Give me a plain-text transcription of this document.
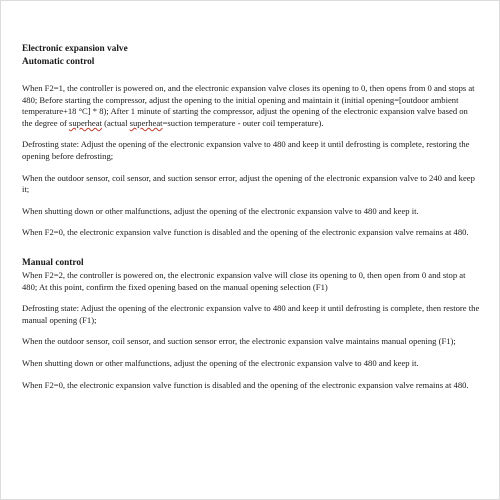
Electronic expansion valve
Automatic control

When F2=1, the controller is powered on, and the electronic expansion valve closes its opening to 0, then opens from 0 and stops at 480; Before starting the compressor, adjust the opening to the initial opening and maintain it (initial opening=[outdoor ambient temperature+18 °C] * 8); After 1 minute of starting the compressor, adjust the opening of the electronic expansion valve based on the degree of superheat (actual superheat=suction temperature - outer coil temperature).

Defrosting state: Adjust the opening of the electronic expansion valve to 480 and keep it until defrosting is complete, restoring the opening before defrosting;

When the outdoor sensor, coil sensor, and suction sensor error, adjust the opening of the electronic expansion valve to 240 and keep it;

When shutting down or other malfunctions, adjust the opening of the electronic expansion valve to 480 and keep it.

When F2=0, the electronic expansion valve function is disabled and the opening of the electronic expansion valve remains at 480.

Manual control

When F2=2, the controller is powered on, the electronic expansion valve will close its opening to 0, then open from 0 and stop at 480; At this point, confirm the fixed opening based on the manual opening selection (F1)

Defrosting state: Adjust the opening of the electronic expansion valve to 480 and keep it until defrosting is complete, then restore the manual opening (F1);

When the outdoor sensor, coil sensor, and suction sensor error, the electronic expansion valve maintains manual opening (F1);

When shutting down or other malfunctions, adjust the opening of the electronic expansion valve to 480 and keep it.

When F2=0, the electronic expansion valve function is disabled and the opening of the electronic expansion valve remains at 480.
